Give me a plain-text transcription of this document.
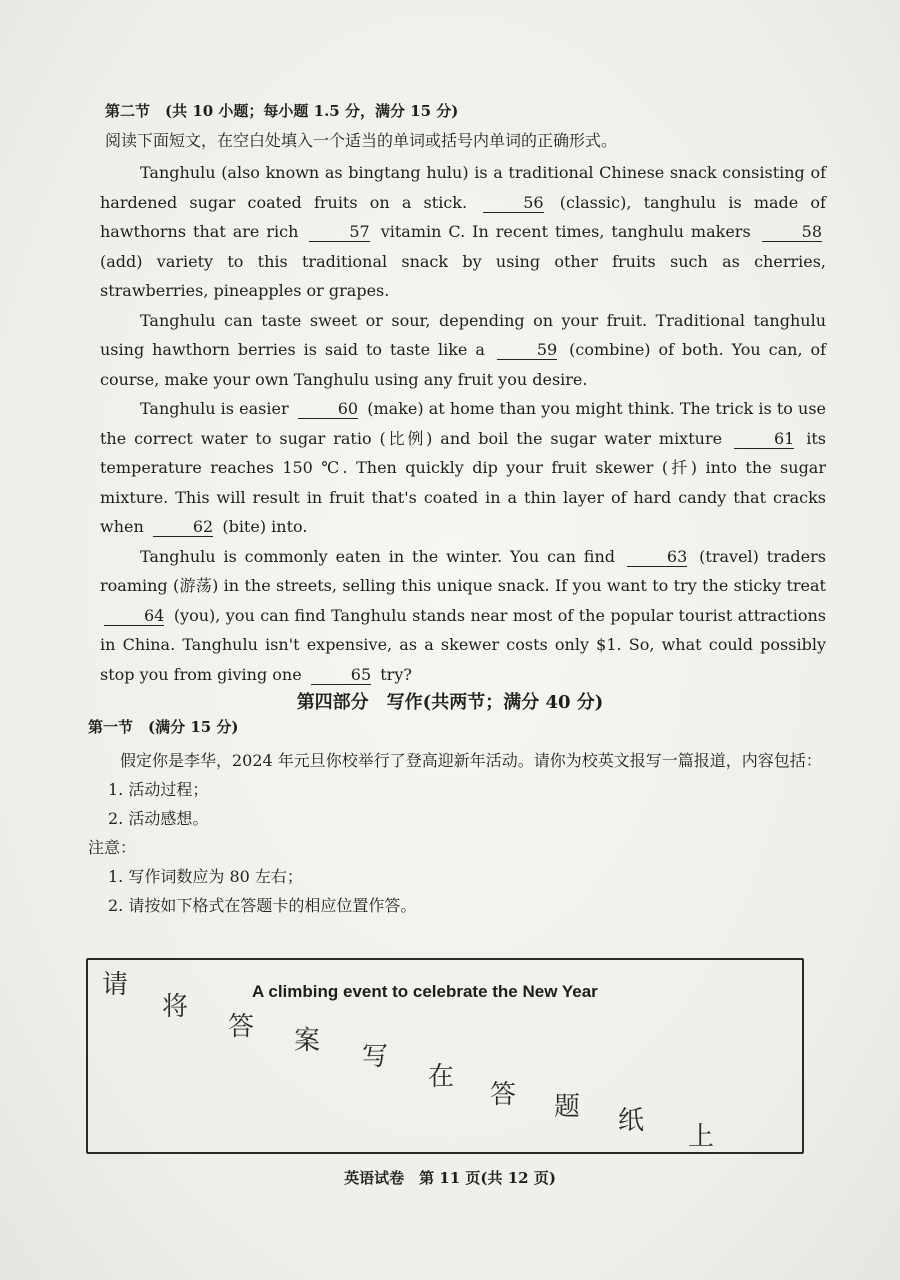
第二节　(共 10 小题；每小题 1.5 分，满分 15 分)
阅读下面短文，在空白处填入一个适当的单词或括号内单词的正确形式。

Tanghulu (also known as bingtang hulu) is a traditional Chinese snack consisting of hardened sugar coated fruits on a stick.	56 (classic), tanghulu is made of hawthorns that are rich	57 vitamin C. In recent times, tanghulu makers	58 (add) variety to this traditional snack by using other fruits such as cherries, strawberries, pineapples or grapes.

Tanghulu can taste sweet or sour, depending on your fruit. Traditional tanghulu using hawthorn berries is said to taste like a	59 (combine) of both. You can, of course, make your own Tanghulu using any fruit you desire.

Tanghulu is easier	60 (make) at home than you might think. The trick is to use the correct water to sugar ratio (比例) and boil the sugar water mixture	61 its temperature reaches 150 ℃. Then quickly dip your fruit skewer (扦) into the sugar mixture. This will result in fruit that's coated in a thin layer of hard candy that cracks when	62 (bite) into.

Tanghulu is commonly eaten in the winter. You can find	63 (travel) traders roaming (游荡) in the streets, selling this unique snack. If you want to try the sticky treat 64 (you), you can find Tanghulu stands near most of the popular tourist attractions in China. Tanghulu isn't expensive, as a skewer costs only $1. So, what could possibly stop you from giving one	65 try?

第四部分　写作(共两节；满分 40 分)
第一节　(满分 15 分)

假定你是李华，2024 年元旦你校举行了登高迎新年活动。请你为校英文报写一篇报道，内容包括：

1. 活动过程；

2. 活动感想。

注意：

1. 写作词数应为 80 左右；

2. 请按如下格式在答题卡的相应位置作答。

A climbing event to celebrate the New Year
请
将
答 案
写
在
答 题 纸
上
英语试卷　第 11 页(共 12 页)
